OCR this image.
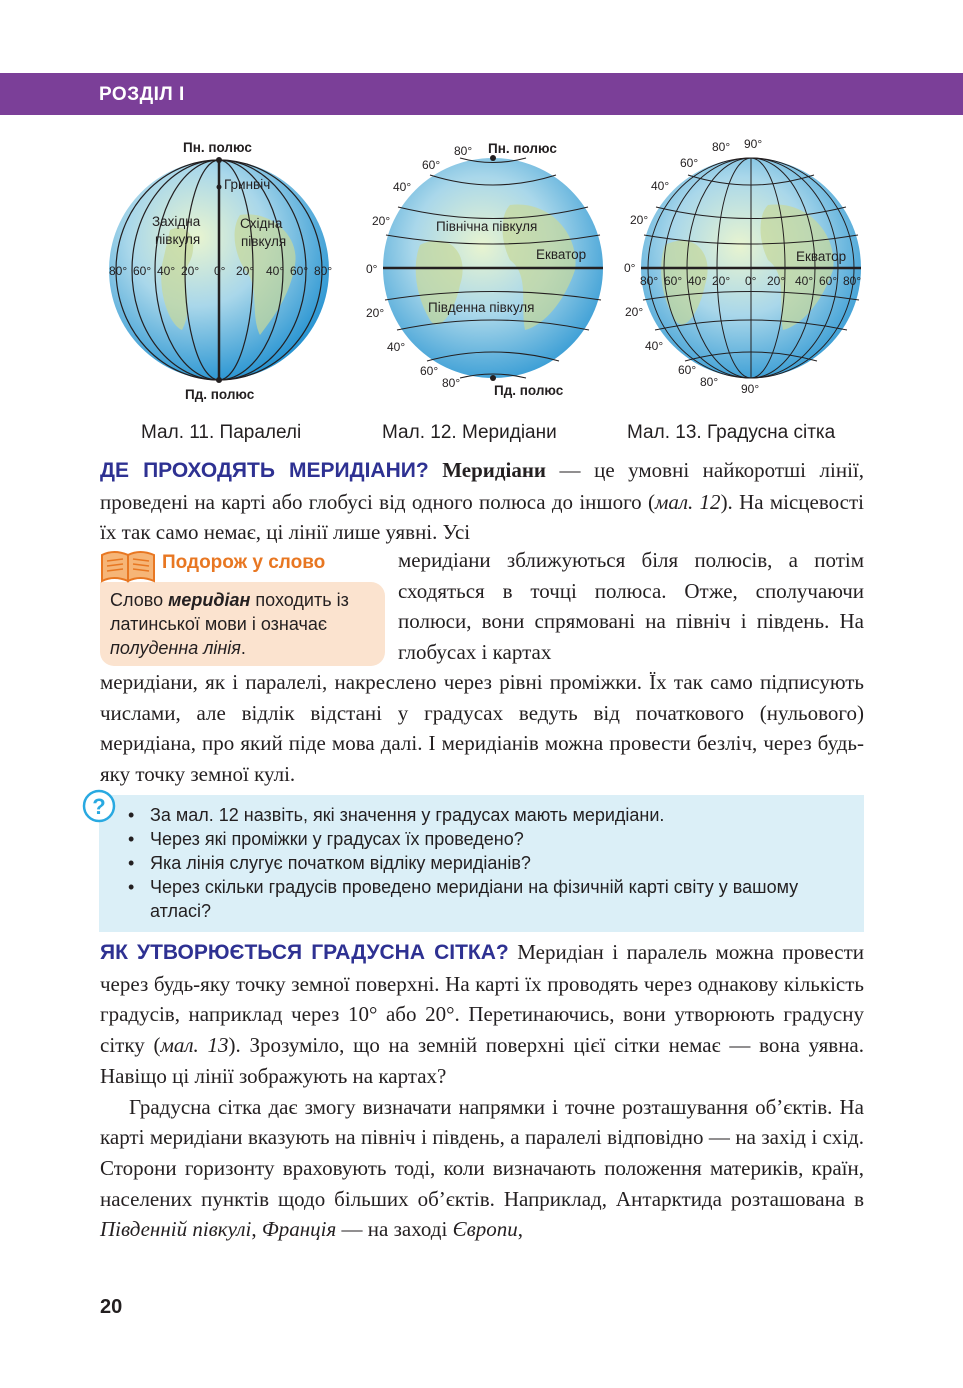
РОЗДІЛ І
Пн. полюс
Пд. полюс
Гринвіч
Західна
півкуля
Східна
півкуля
80° 60° 40° 20° 0° 20° 40° 60° 80°
Пн. полюс
Пд. полюс
Екватор
Північна півкуля
Південна півкуля
80°
60°
40°
20°
0°
20°
40°
60°
80°
Екватор
80° 90°
60°
40°
20°
0°
20°
40°
60°
80° 90°
80° 60° 40° 20° 0° 20° 40° 60° 80°
Мал. 11. Паралелі	Мал. 12. Меридіани	Мал. 13. Градусна сітка

ДЕ ПРОХОДЯТЬ МЕРИДІАНИ? Меридіани — це умовні найкоротші лінії, проведені на карті або глобусі від одного полюса до іншого (мал. 12). На місцевості їх так само немає, ці лінії лише уявні. Усі

Подорож у слово
Слово меридіан походить із латинської мови і означає полуденна лінія.

меридіани зближуються біля полюсів, а потім сходяться в точці полюса. Отже, сполучаючи полюси, вони спрямовані на північ і південь. На глобусах і картах

меридіани, як і паралелі, накреслено через рівні проміжки. Їх так само підписують числами, але відлік відстані у градусах ведуть від початкового (нульового) меридіана, про який піде мова далі. І меридіанів можна провести безліч, через будь-яку точку земної кулі.

• За мал. 12 назвіть, які значення у градусах мають меридіани.
• Через які проміжки у градусах їх проведено?
• Яка лінія слугує початком відліку меридіанів?
• Через скільки градусів проведено меридіани на фізичній карті світу у вашому атласі?
?

ЯК УТВОРЮЄТЬСЯ ГРАДУСНА СІТКА? Меридіан і паралель можна провести через будь-яку точку земної поверхні. На карті їх проводять через однакову кількість градусів, наприклад через 10° або 20°. Перетинаючись, вони утворюють градусну сітку (мал. 13). Зрозуміло, що на земній поверхні цієї сітки немає — вона уявна. Навіщо ці лінії зображують на картах?

Градусна сітка дає змогу визначати напрямки і точне розташування об’єктів. На карті меридіани вказують на північ і південь, а паралелі відповідно — на захід і схід. Сторони горизонту враховують тоді, коли визначають положення материків, країн, населених пунктів щодо більших об’єктів. Наприклад, Антарктида розташована в Південній півкулі, Франція — на заході Європи,

20
